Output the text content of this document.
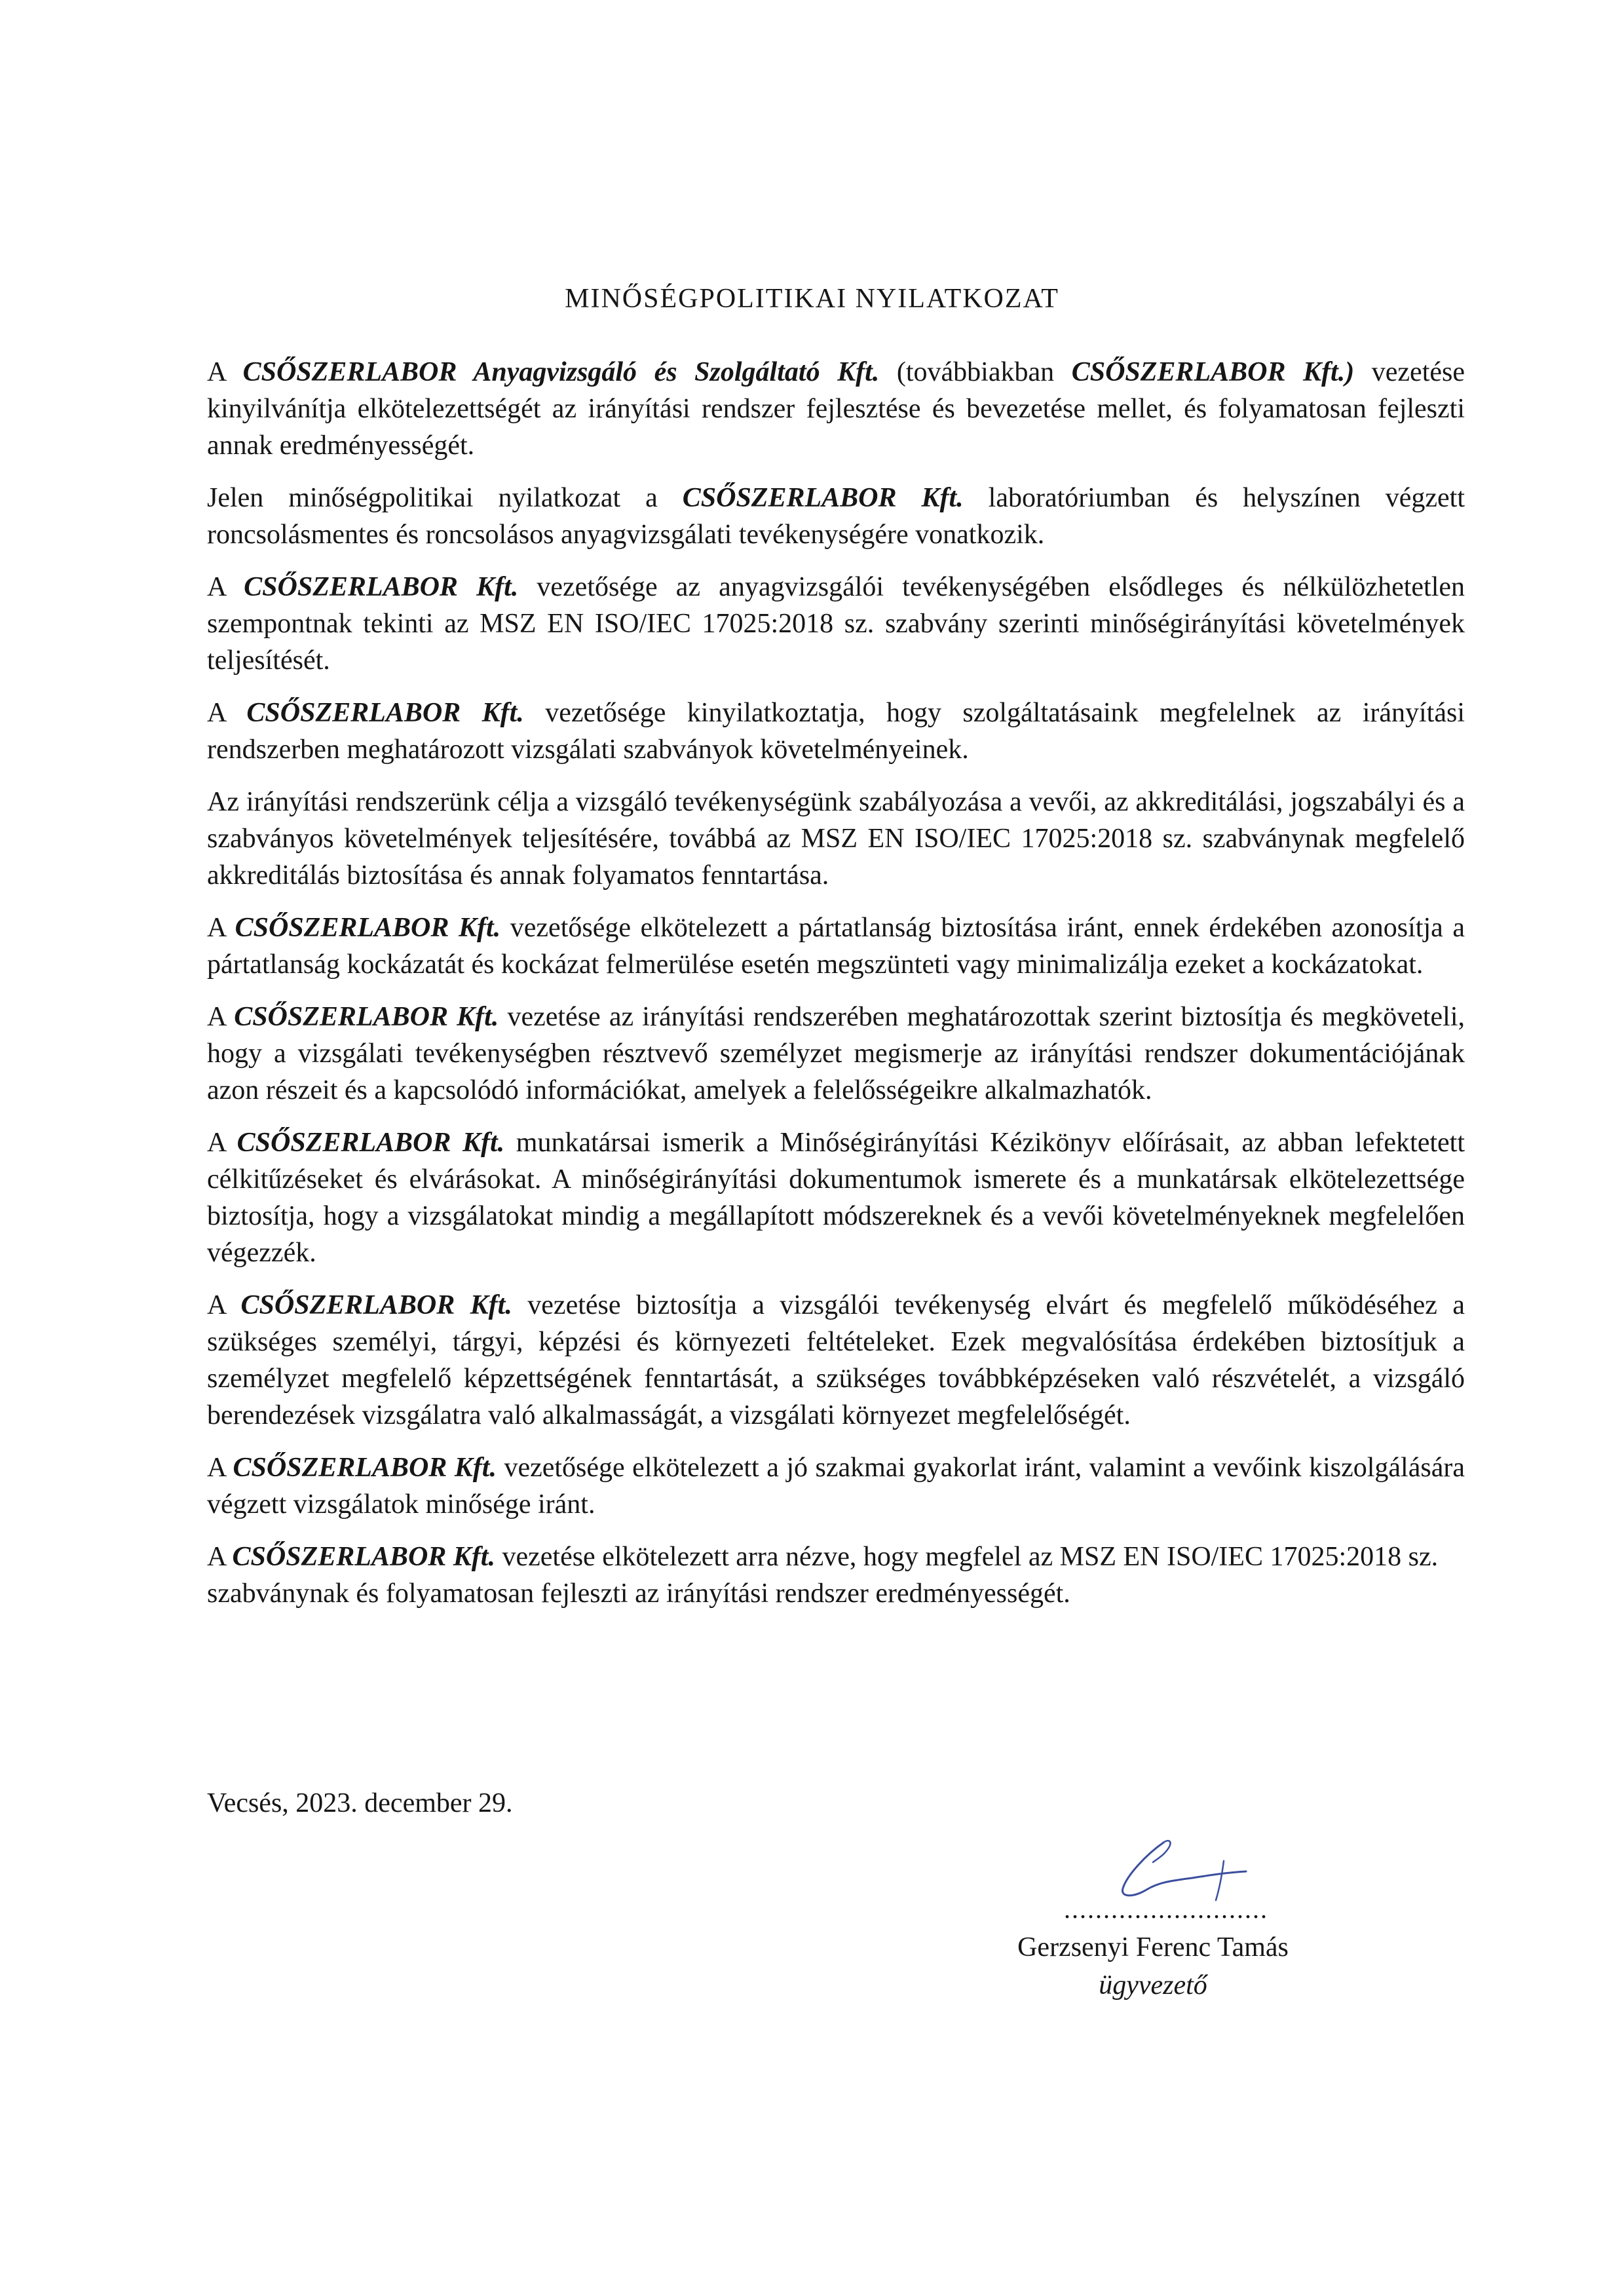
MINŐSÉGPOLITIKAI NYILATKOZAT

A CSŐSZERLABOR Anyagvizsgáló és Szolgáltató Kft. (továbbiakban CSŐSZERLABOR Kft.) vezetése kinyilvánítja elkötelezettségét az irányítási rendszer fejlesztése és bevezetése mellet, és folyamatosan fejleszti annak eredményességét.

Jelen minőségpolitikai nyilatkozat a CSŐSZERLABOR Kft. laboratóriumban és helyszínen végzett roncsolásmentes és roncsolásos anyagvizsgálati tevékenységére vonatkozik.

A CSŐSZERLABOR Kft. vezetősége az anyagvizsgálói tevékenységében elsődleges és nélkülözhetetlen szempontnak tekinti az MSZ EN ISO/IEC 17025:2018 sz. szabvány szerinti minőségirányítási követelmények teljesítését.

A CSŐSZERLABOR Kft. vezetősége kinyilatkoztatja, hogy szolgáltatásaink megfelelnek az irányítási rendszerben meghatározott vizsgálati szabványok követelményeinek.

Az irányítási rendszerünk célja a vizsgáló tevékenységünk szabályozása a vevői, az akkreditálási, jogszabályi és a szabványos követelmények teljesítésére, továbbá az MSZ EN ISO/IEC 17025:2018 sz. szabványnak megfelelő akkreditálás biztosítása és annak folyamatos fenntartása.

A CSŐSZERLABOR Kft. vezetősége elkötelezett a pártatlanság biztosítása iránt, ennek érdekében azonosítja a pártatlanság kockázatát és kockázat felmerülése esetén megszünteti vagy minimalizálja ezeket a kockázatokat.

A CSŐSZERLABOR Kft. vezetése az irányítási rendszerében meghatározottak szerint biztosítja és megköveteli, hogy a vizsgálati tevékenységben résztvevő személyzet megismerje az irányítási rendszer dokumentációjának azon részeit és a kapcsolódó információkat, amelyek a felelősségeikre alkalmazhatók.

A CSŐSZERLABOR Kft. munkatársai ismerik a Minőségirányítási Kézikönyv előírásait, az abban lefektetett célkitűzéseket és elvárásokat. A minőségirányítási dokumentumok ismerete és a munkatársak elkötelezettsége biztosítja, hogy a vizsgálatokat mindig a megállapított módszereknek és a vevői követelményeknek megfelelően végezzék.

A CSŐSZERLABOR Kft. vezetése biztosítja a vizsgálói tevékenység elvárt és megfelelő működéséhez a szükséges személyi, tárgyi, képzési és környezeti feltételeket. Ezek megvalósítása érdekében biztosítjuk a személyzet megfelelő képzettségének fenntartását, a szükséges továbbképzéseken való részvételét, a vizsgáló berendezések vizsgálatra való alkalmasságát, a vizsgálati környezet megfelelőségét.

A CSŐSZERLABOR Kft. vezetősége elkötelezett a jó szakmai gyakorlat iránt, valamint a vevőink kiszolgálására végzett vizsgálatok minősége iránt.

A CSŐSZERLABOR Kft. vezetése elkötelezett arra nézve, hogy megfelel az MSZ EN ISO/IEC 17025:2018 sz. szabványnak és folyamatosan fejleszti az irányítási rendszer eredményességét.

Vecsés, 2023. december 29.
..........................
Gerzsenyi Ferenc Tamás
ügyvezető
